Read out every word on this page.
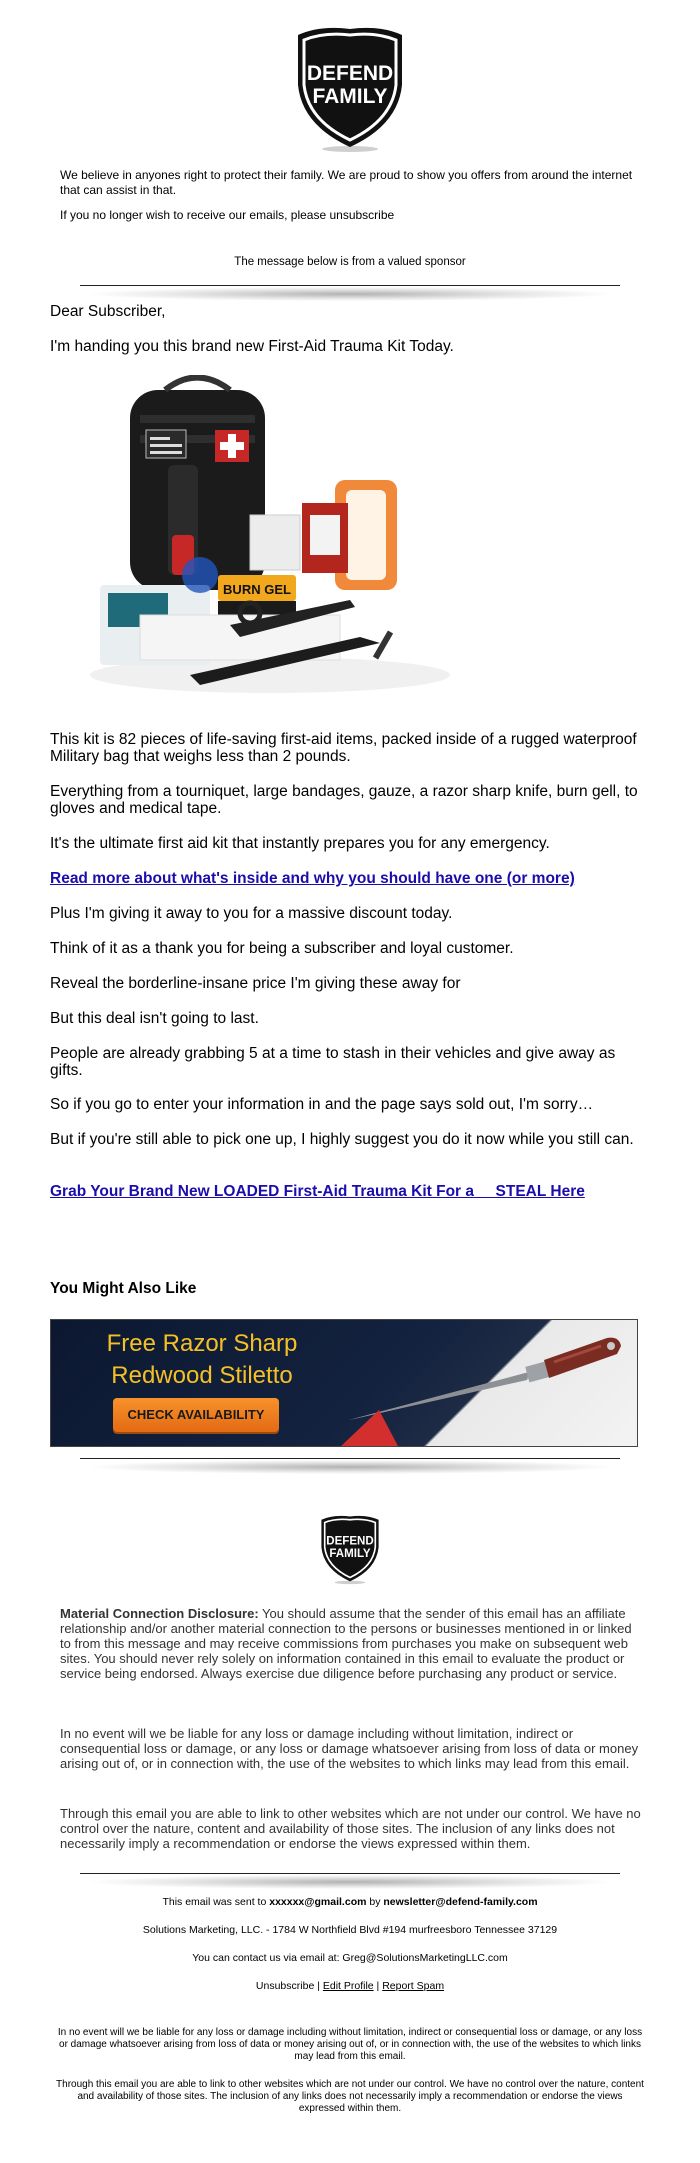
DEFEND
FAMILY
We believe in anyones right to protect their family. We are proud to show you offers from around the internet that can assist in that.
If you no longer wish to receive our emails, please unsubscribe
The message below is from a valued sponsor
Dear Subscriber,
I'm handing you this brand new First-Aid Trauma Kit Today.
BURN GEL
This kit is 82 pieces of life-saving first-aid items, packed inside of a rugged waterproof Military bag that weighs less than 2 pounds.
Everything from a tourniquet, large bandages, gauze, a razor sharp knife, burn gell, to gloves and medical tape.
It's the ultimate first aid kit that instantly prepares you for any emergency.
Read more about what's inside and why you should have one (or more)
Plus I'm giving it away to you for a massive discount today.
Think of it as a thank you for being a subscriber and loyal customer.
Reveal the borderline-insane price I'm giving these away for
But this deal isn't going to last.
People are already grabbing 5 at a time to stash in their vehicles and give away as gifts.
So if you go to enter your information in and the page says sold out, I'm sorry…
But if you're still able to pick one up, I highly suggest you do it now while you still can.
Grab Your Brand New LOADED First-Aid Trauma Kit For a     STEAL Here
You Might Also Like
Free Razor Sharp
Redwood Stiletto
CHECK AVAILABILITY
DEFEND
FAMILY
Material Connection Disclosure: You should assume that the sender of this email has an affiliate relationship and/or another material connection to the persons or businesses mentioned in or linked to from this message and may receive commissions from purchases you make on subsequent web sites. You should never rely solely on information contained in this email to evaluate the product or service being endorsed. Always exercise due diligence before purchasing any product or service.
In no event will we be liable for any loss or damage including without limitation, indirect or consequential loss or damage, or any loss or damage whatsoever arising from loss of data or money arising out of, or in connection with, the use of the websites to which links may lead from this email.
Through this email you are able to link to other websites which are not under our control. We have no control over the nature, content and availability of those sites. The inclusion of any links does not necessarily imply a recommendation or endorse the views expressed within them.
This email was sent to xxxxxx@gmail.com by newsletter@defend-family.com
Solutions Marketing, LLC. - 1784 W Northfield Blvd #194 murfreesboro Tennessee 37129
You can contact us via email at: Greg@SolutionsMarketingLLC.com
Unsubscribe | Edit Profile | Report Spam
In no event will we be liable for any loss or damage including without limitation, indirect or consequential loss or damage, or any loss or damage whatsoever arising from loss of data or money arising out of, or in connection with, the use of the websites to which links may lead from this email.
Through this email you are able to link to other websites which are not under our control. We have no control over the nature, content and availability of those sites. The inclusion of any links does not necessarily imply a recommendation or endorse the views expressed within them.
